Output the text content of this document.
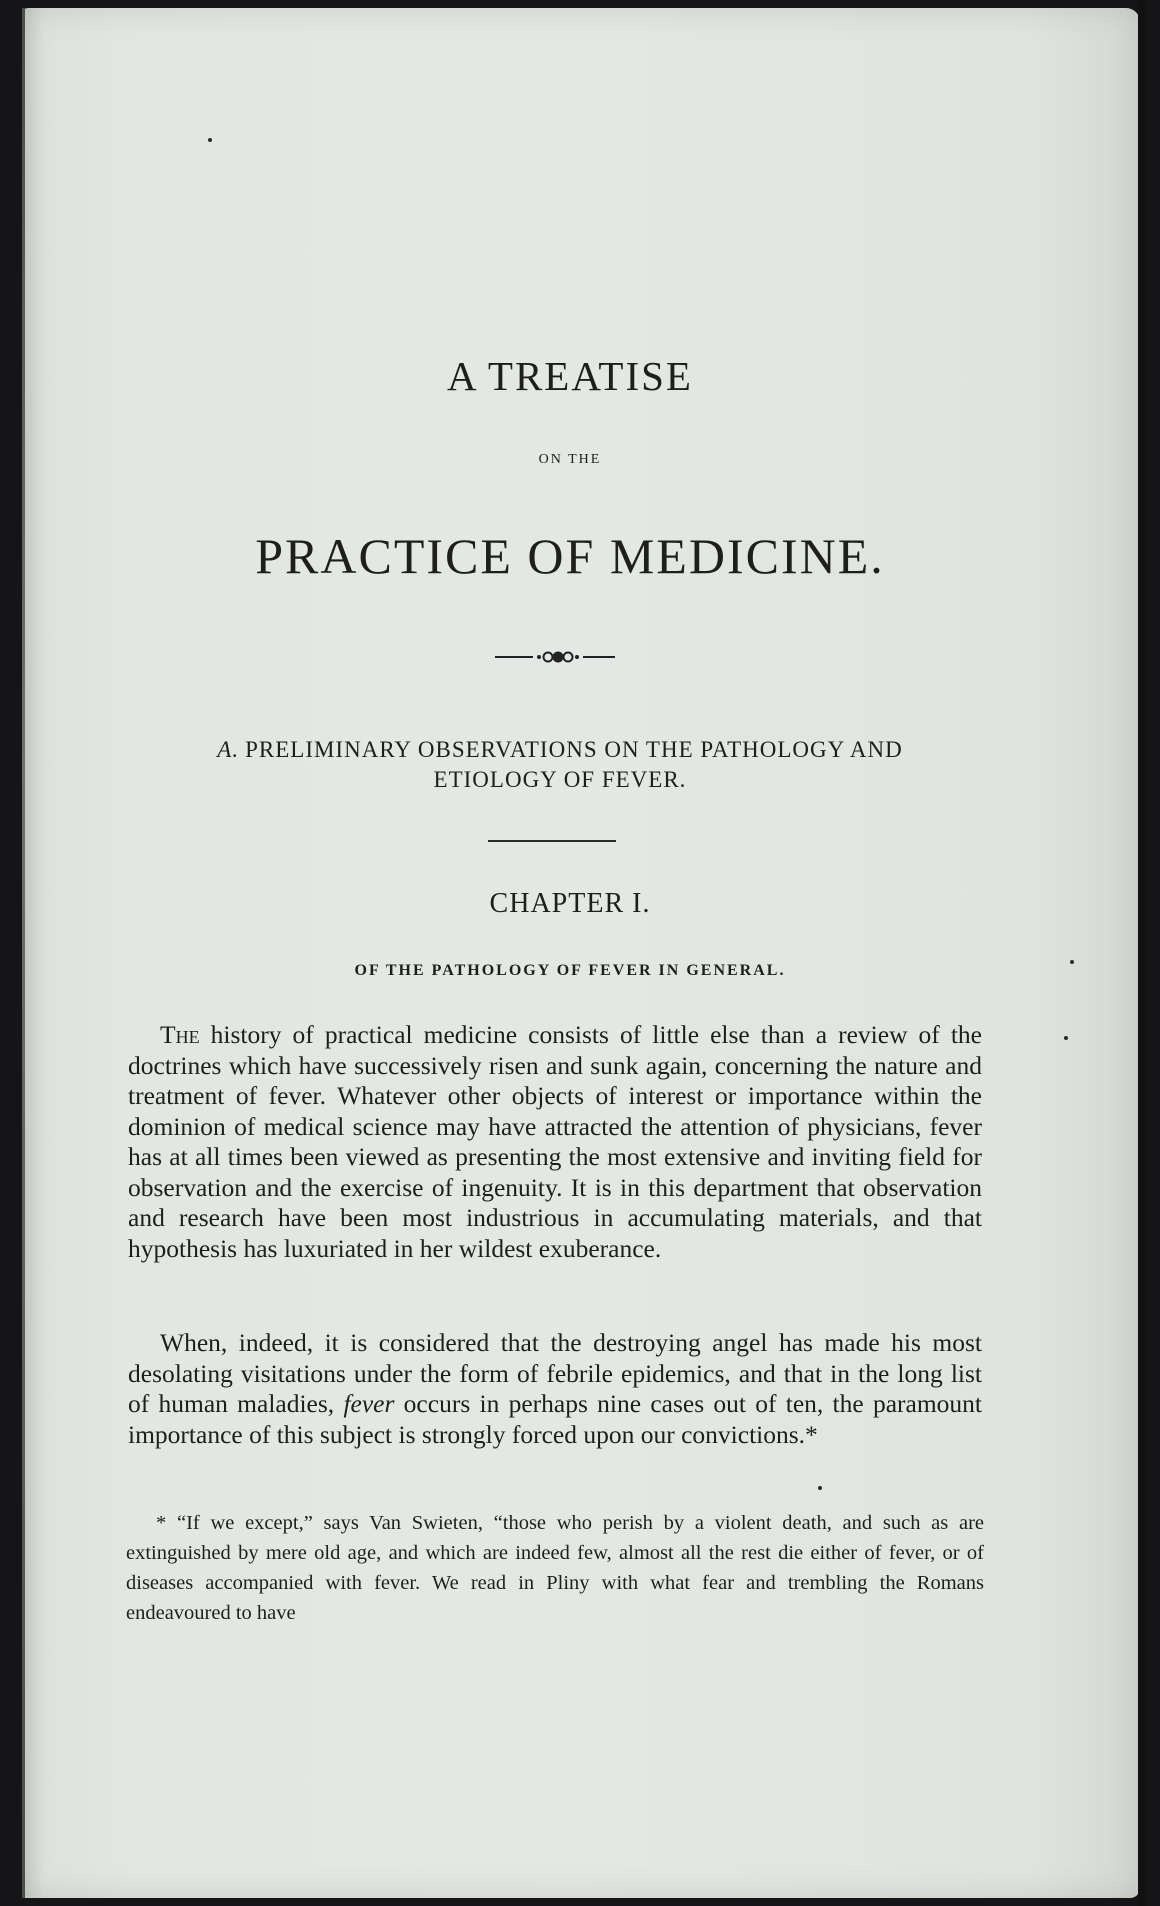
A TREATISE
ON THE
PRACTICE OF MEDICINE.
A. PRELIMINARY OBSERVATIONS ON THE PATHOLOGY AND
ETIOLOGY OF FEVER.
CHAPTER I.
OF THE PATHOLOGY OF FEVER IN GENERAL.

The history of practical medicine consists of little else than a review of the doctrines which have successively risen and sunk again, concerning the nature and treatment of fever. Whatever other objects of interest or importance within the dominion of medical science may have attracted the attention of physicians, fever has at all times been viewed as presenting the most extensive and inviting field for observation and the exercise of ingenuity. It is in this department that observation and research have been most industrious in accumulating materials, and that hypothesis has luxuriated in her wildest exuberance.

When, indeed, it is considered that the destroying angel has made his most desolating visitations under the form of febrile epidemics, and that in the long list of human maladies, fever occurs in perhaps nine cases out of ten, the paramount importance of this subject is strongly forced upon our convictions.*

* “If we except,” says Van Swieten, “those who perish by a violent death, and such as are extinguished by mere old age, and which are indeed few, almost all the rest die either of fever, or of diseases accompanied with fever. We read in Pliny with what fear and trembling the Romans endeavoured to have
